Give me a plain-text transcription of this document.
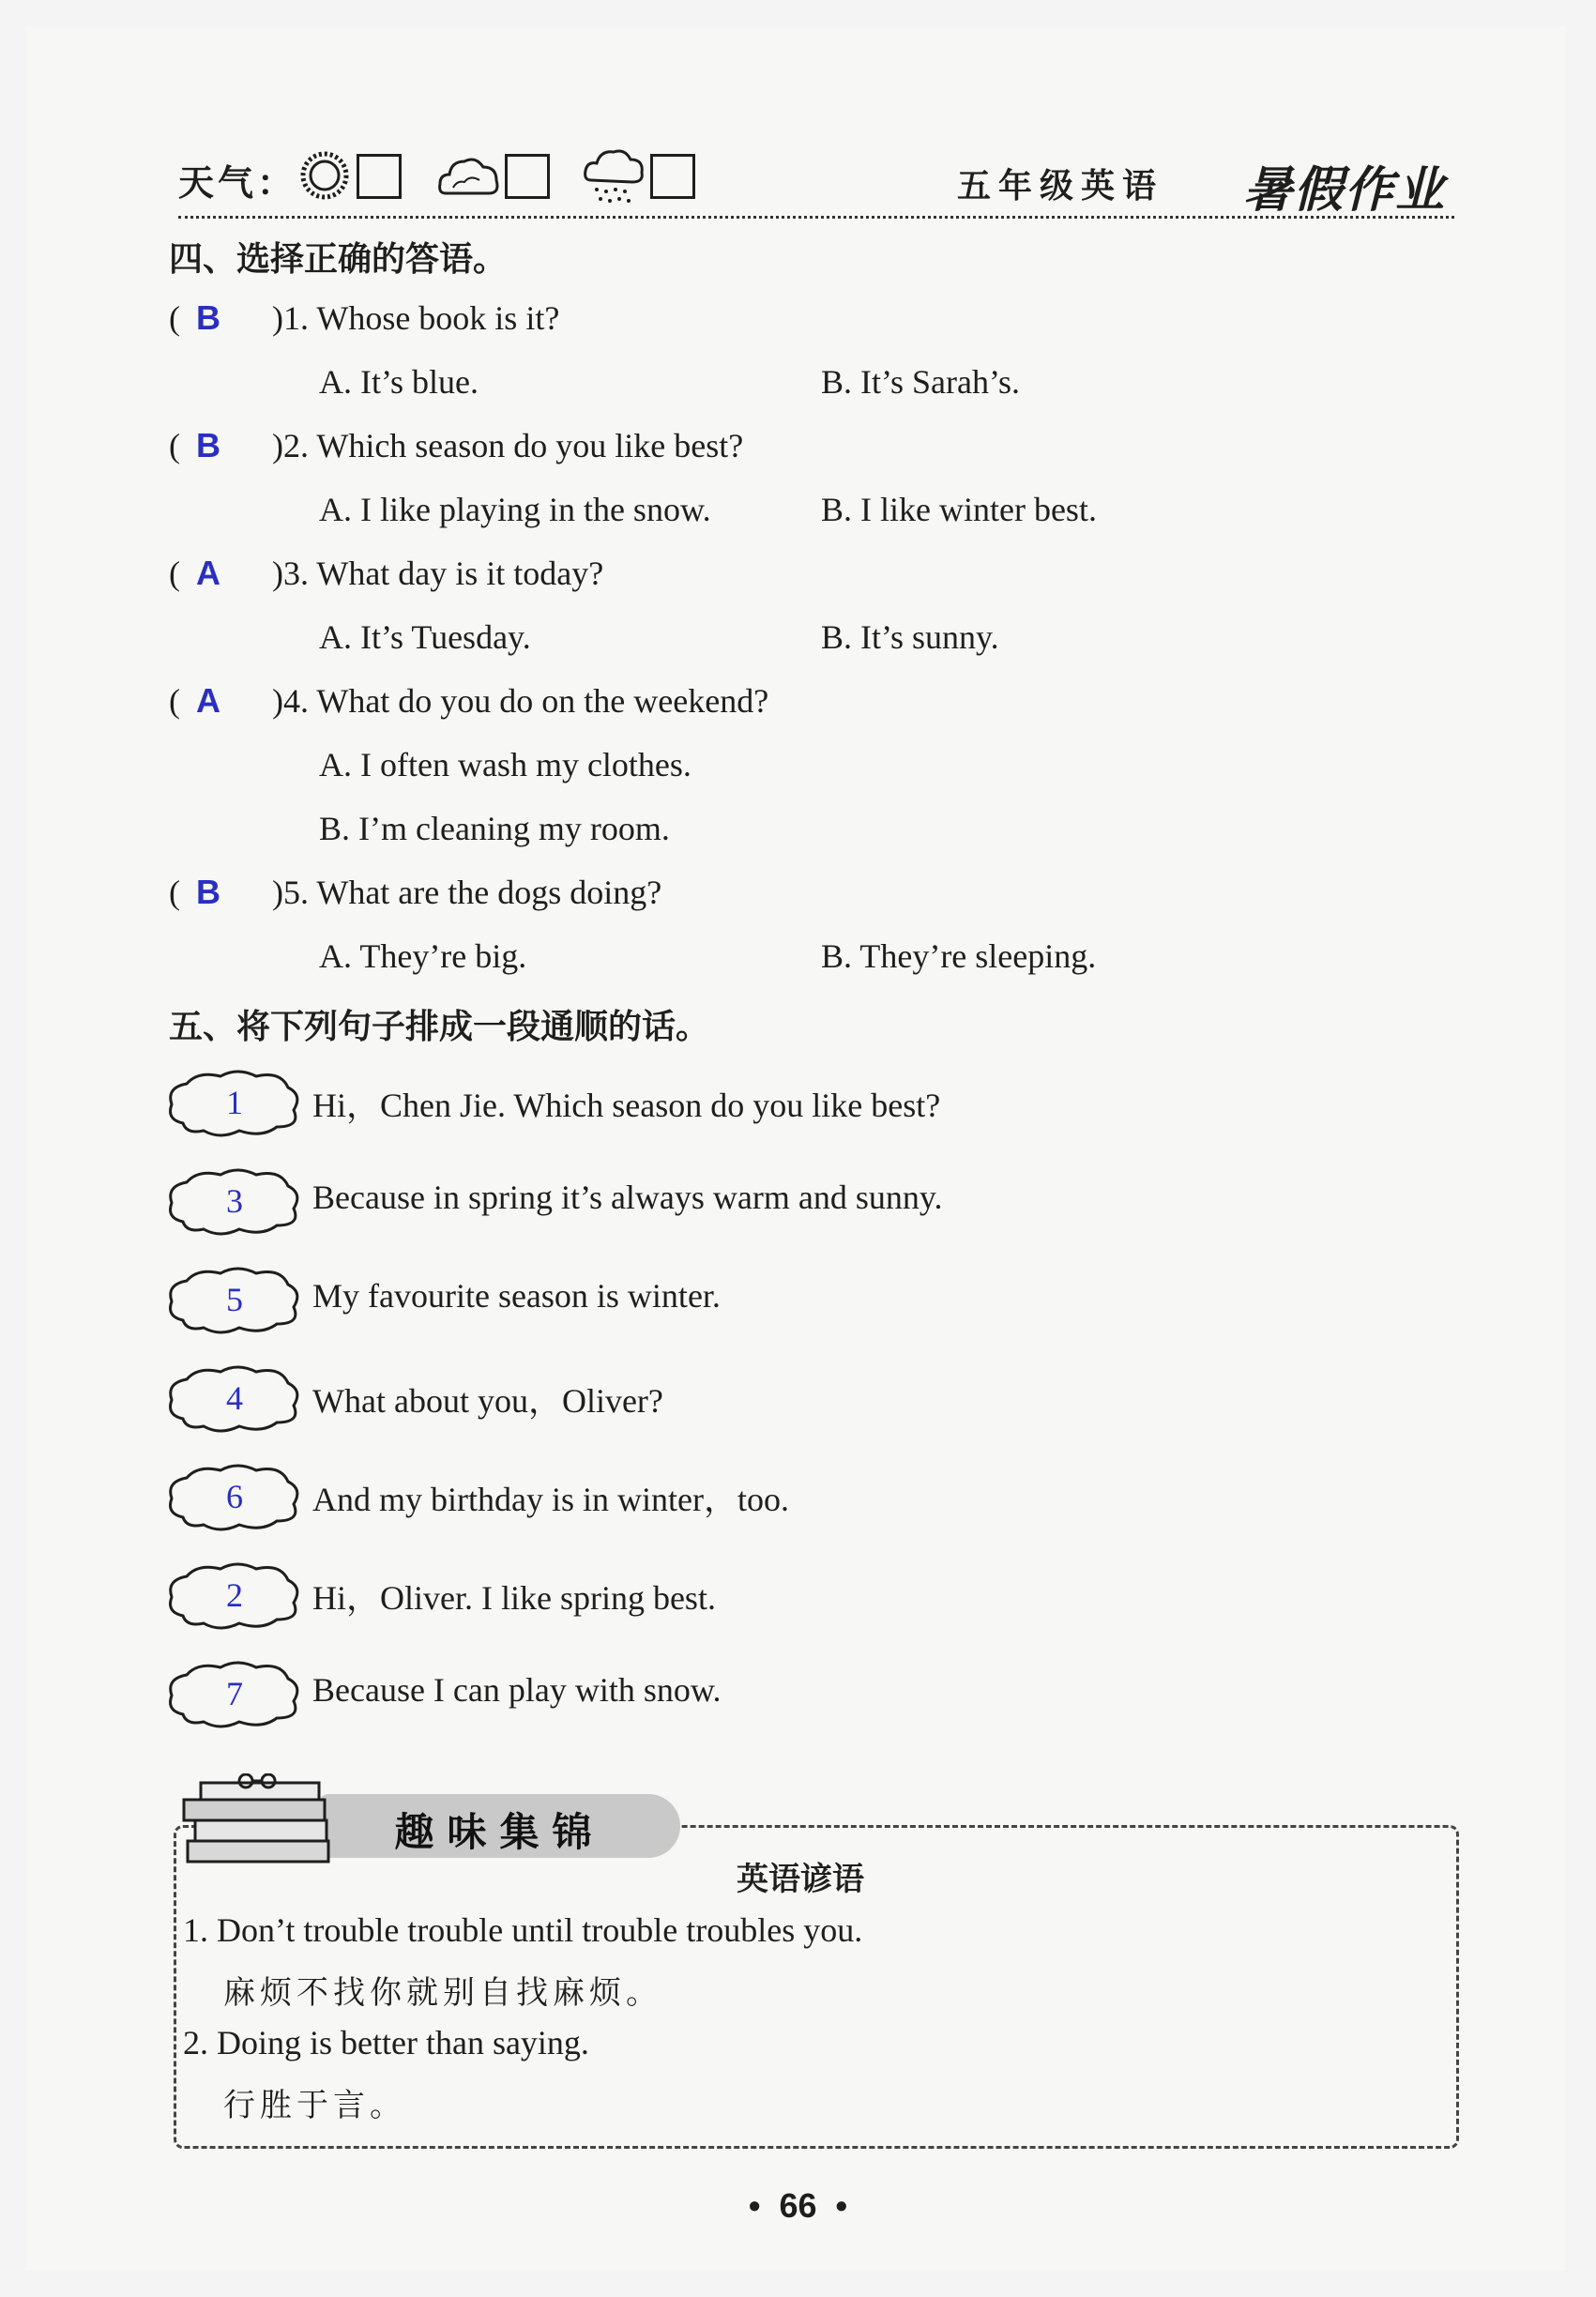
天气：	五年级英语 暑假作业
四、选择正确的答语。
( B )1. Whose book is it?
A. It’s blue.	B. It’s Sarah’s.
( B )2. Which season do you like best?
A. I like playing in the snow.	B. I like winter best.
( A )3. What day is it today?
A. It’s Tuesday.	B. It’s sunny.
( A )4. What do you do on the weekend?
A. I often wash my clothes.
B. I’m cleaning my room.
( B )5. What are the dogs doing?
A. They’re big.	B. They’re sleeping.
五、将下列句子排成一段通顺的话。
1	Hi，Chen Jie. Which season do you like best?
3	Because in spring it’s always warm and sunny.
5	My favourite season is winter.
4	What about you，Oliver?
6	And my birthday is in winter，too.
2	Hi，Oliver. I like spring best.
7	Because I can play with snow.
趣味集锦
英语谚语
1. Don’t trouble trouble until trouble troubles you.
麻烦不找你就别自找麻烦。
2. Doing is better than saying.
行胜于言。
•  66  •
